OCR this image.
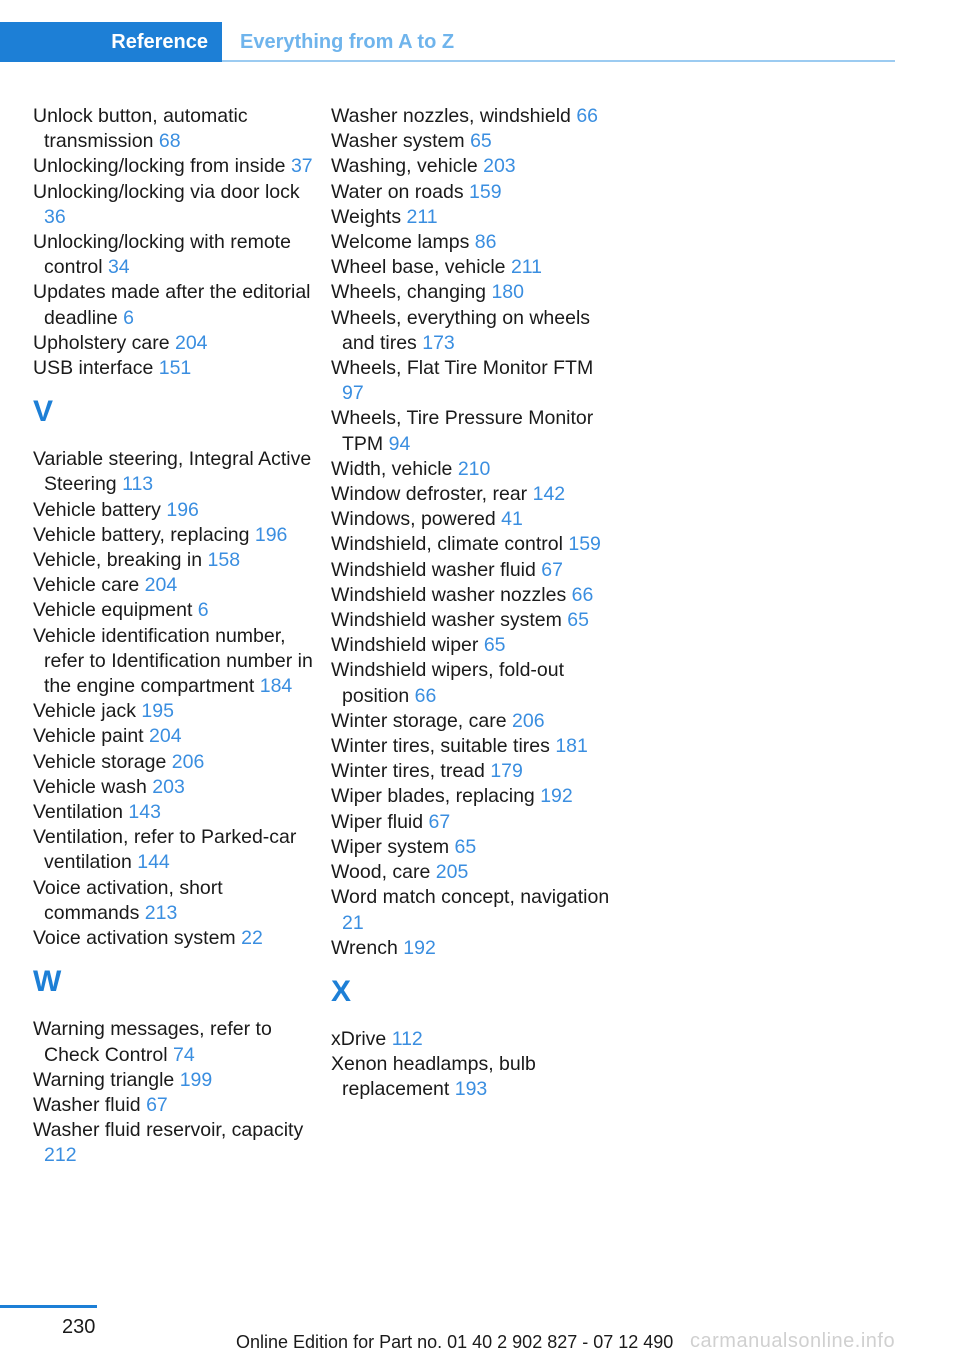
Reference	Everything from A to Z
Unlock button, automatic transmission 68
Unlocking/locking from inside 37
Unlocking/locking via door lock 36
Unlocking/locking with remote control 34
Updates made after the editorial deadline 6
Upholstery care 204
USB interface 151
V
Variable steering, Integral Active Steering 113
Vehicle battery 196
Vehicle battery, replacing 196
Vehicle, breaking in 158
Vehicle care 204
Vehicle equipment 6
Vehicle identification number, refer to Identification number in the engine compartment 184
Vehicle jack 195
Vehicle paint 204
Vehicle storage 206
Vehicle wash 203
Ventilation 143
Ventilation, refer to Parked-car ventilation 144
Voice activation, short commands 213
Voice activation system 22
W
Warning messages, refer to Check Control 74
Warning triangle 199
Washer fluid 67
Washer fluid reservoir, capacity 212
Washer nozzles, windshield 66
Washer system 65
Washing, vehicle 203
Water on roads 159
Weights 211
Welcome lamps 86
Wheel base, vehicle 211
Wheels, changing 180
Wheels, everything on wheels and tires 173
Wheels, Flat Tire Monitor FTM 97
Wheels, Tire Pressure Monitor TPM 94
Width, vehicle 210
Window defroster, rear 142
Windows, powered 41
Windshield, climate control 159
Windshield washer fluid 67
Windshield washer nozzles 66
Windshield washer system 65
Windshield wiper 65
Windshield wipers, fold-out position 66
Winter storage, care 206
Winter tires, suitable tires 181
Winter tires, tread 179
Wiper blades, replacing 192
Wiper fluid 67
Wiper system 65
Wood, care 205
Word match concept, navigation 21
Wrench 192
X
xDrive 112
Xenon headlamps, bulb replacement 193
230
Online Edition for Part no. 01 40 2 902 827 - 07 12 490 carmanualsonline.info
